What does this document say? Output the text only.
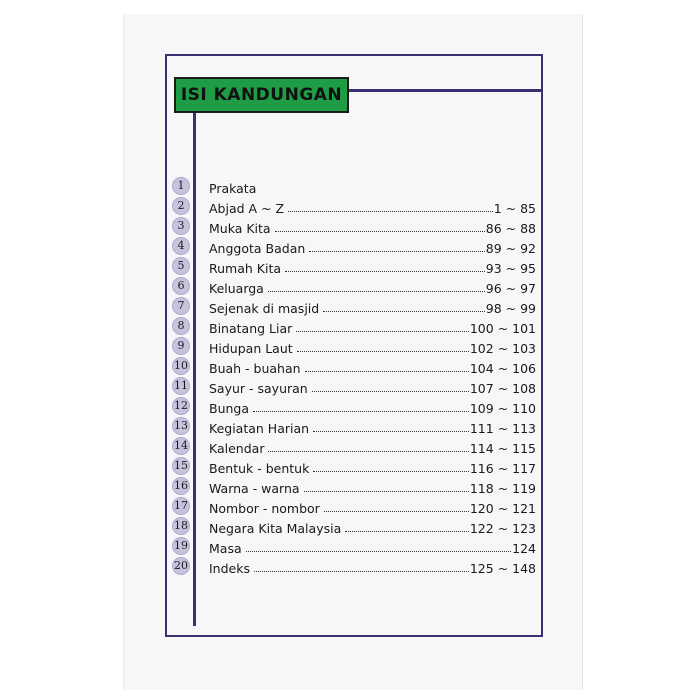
ISI KANDUNGAN
1	Prakata
2	Abjad A ~ Z	1 ~ 85
3	Muka Kita	86 ~ 88
4	Anggota Badan	89 ~ 92
5	Rumah Kita	93 ~ 95
6	Keluarga	96 ~ 97
7	Sejenak di masjid	98 ~ 99
8	Binatang Liar	100 ~ 101
9	Hidupan Laut	102 ~ 103
10 Buah - buahan	104 ~ 106
11 Sayur - sayuran	107 ~ 108
12 Bunga	109 ~ 110
13 Kegiatan Harian	111 ~ 113
14 Kalendar	114 ~ 115
15 Bentuk - bentuk	116 ~ 117
16 Warna - warna	118 ~ 119
17 Nombor - nombor	120 ~ 121
18 Negara Kita Malaysia	122 ~ 123
19 Masa	124
20 Indeks	125 ~ 148
